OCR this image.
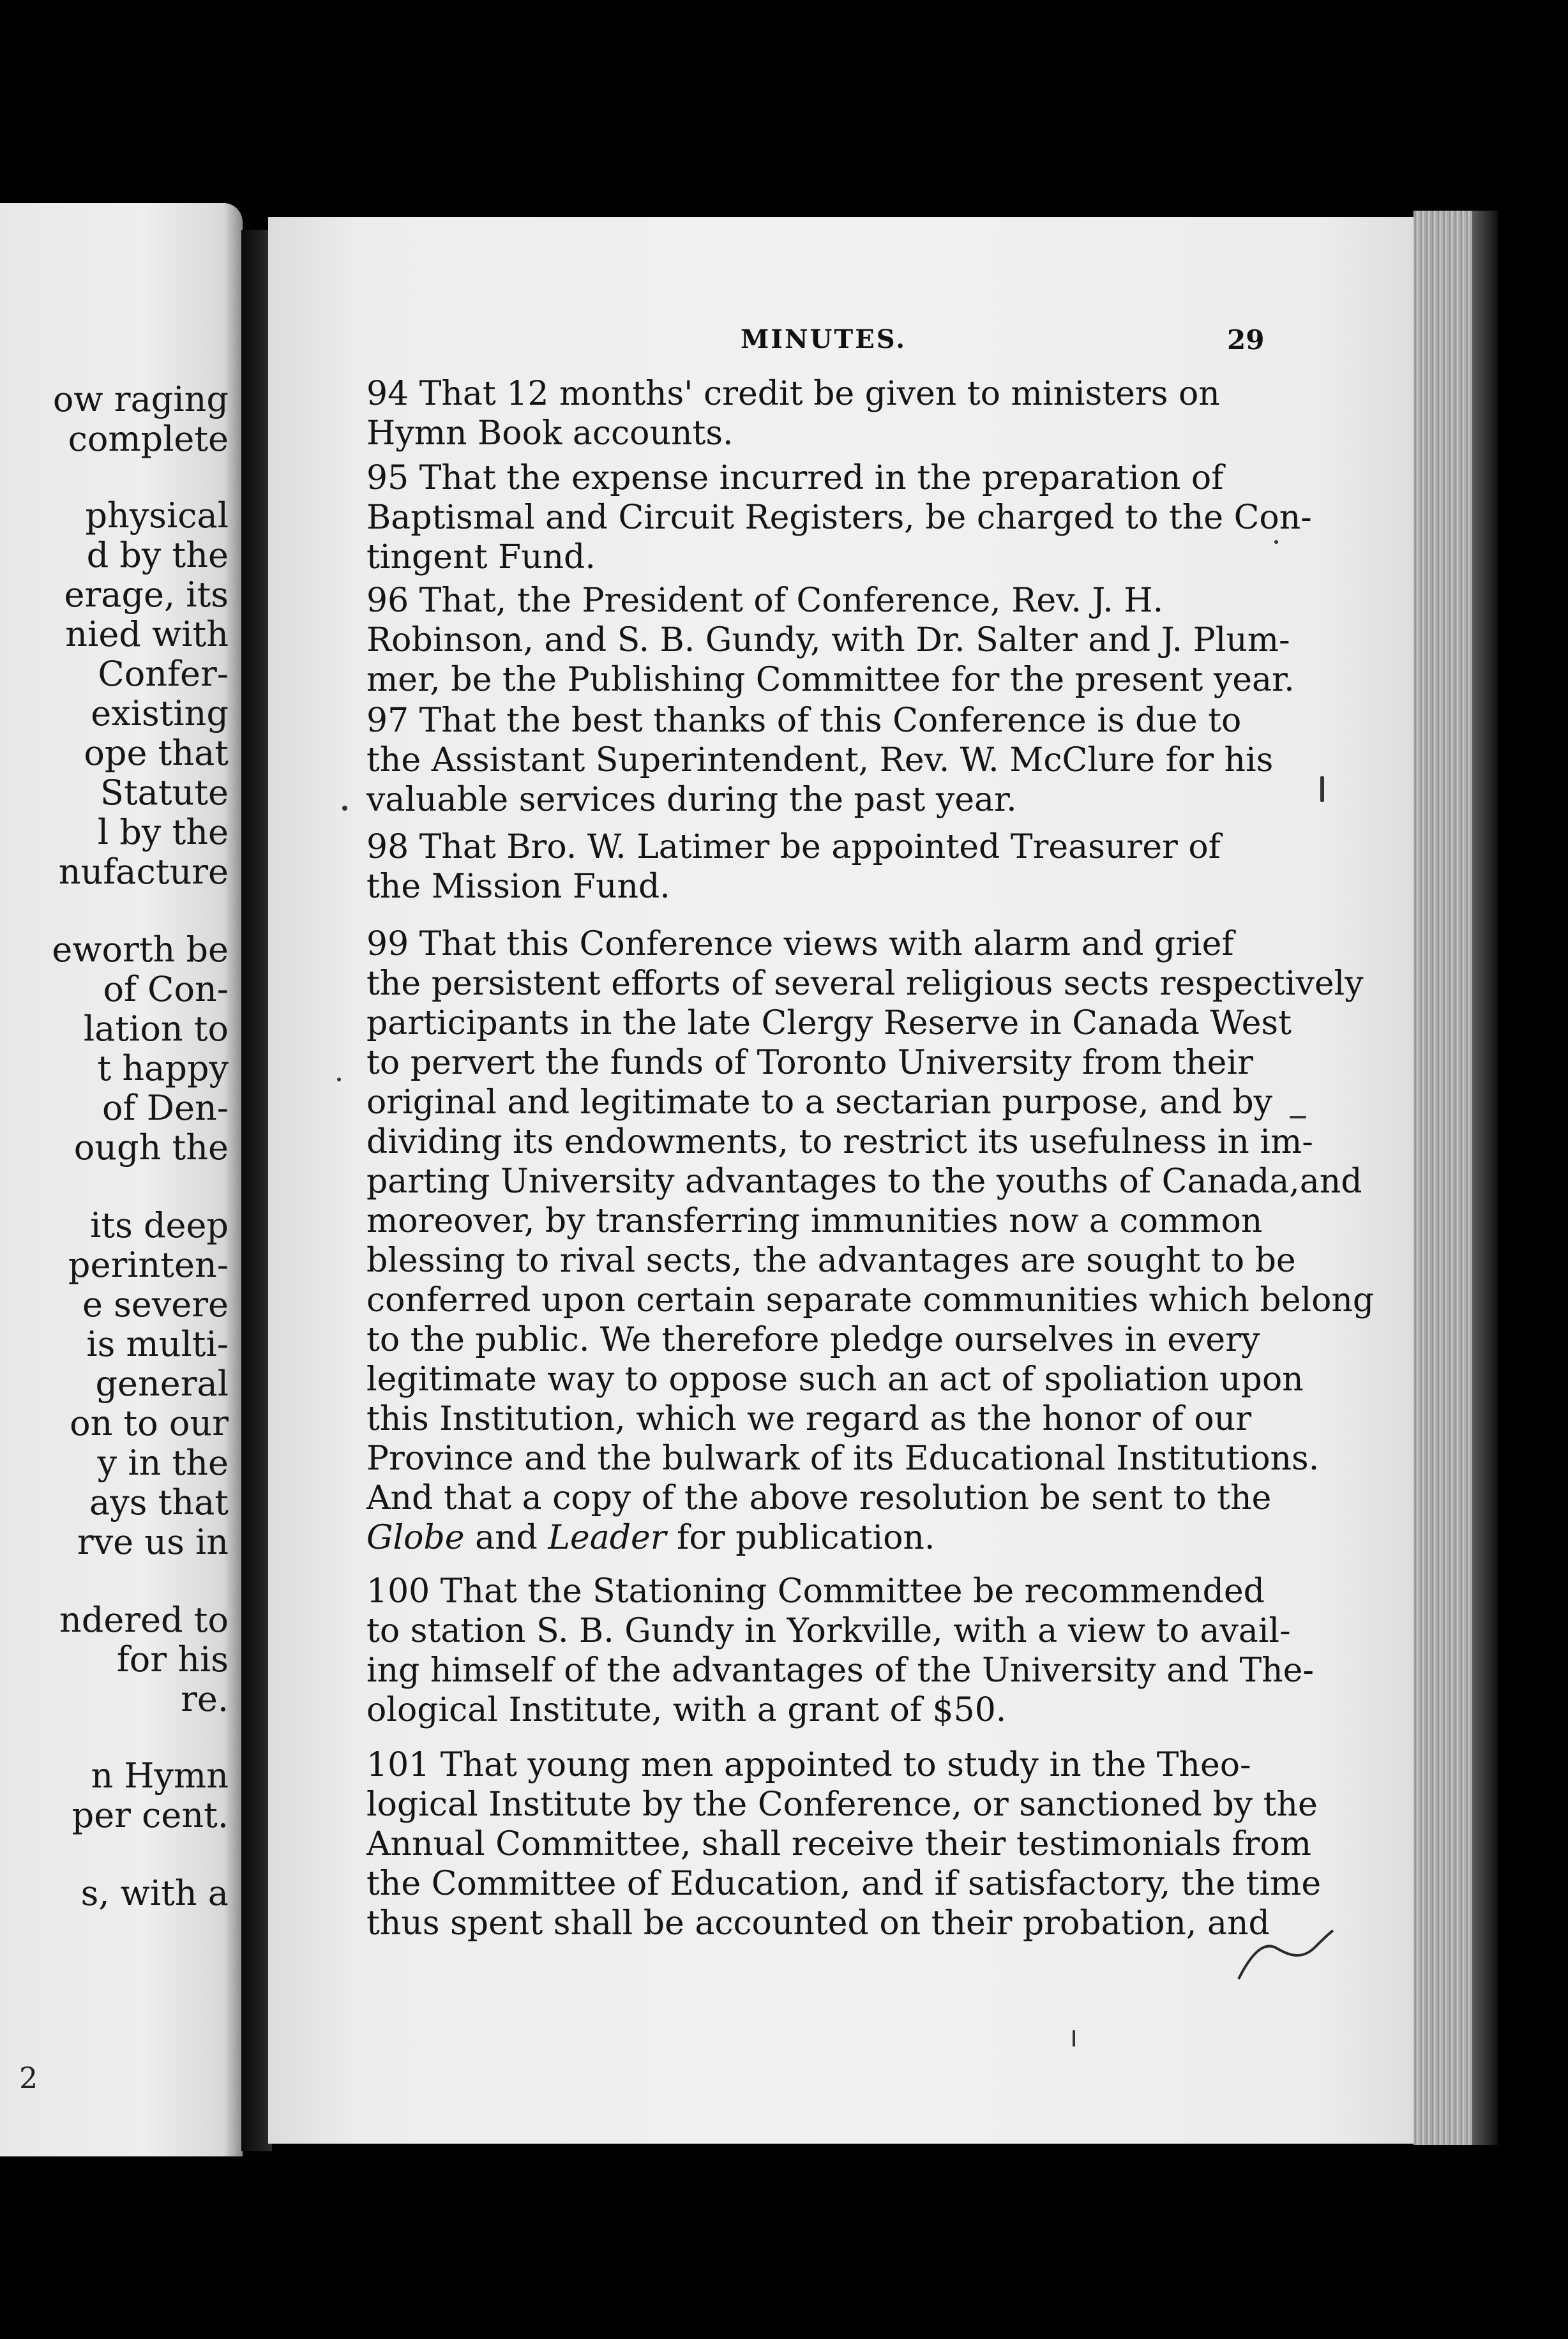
ow raging
complete
physical
d by the
erage, its
nied with
Confer-
existing
ope that
Statute
l by the
nufacture
eworth be
of Con-
lation to
t happy
of Den-
ough the
its deep
perinten-
e severe
is multi-
general
on to our
y in the
ays that
rve us in
ndered to
for his
re.
n Hymn
per cent.
s, with a
2
MINUTES.	29
94 That 12 months' credit be given to ministers on
Hymn Book accounts.
95 That the expense incurred in the preparation of
Baptismal and Circuit Registers, be charged to the Con-
tingent Fund.
96 That, the President of Conference, Rev. J. H.
Robinson, and S. B. Gundy, with Dr. Salter and J. Plum-
mer, be the Publishing Committee for the present year.
97 That the best thanks of this Conference is due to
the Assistant Superintendent, Rev. W. McClure for his
valuable services during the past year.
98 That Bro. W. Latimer be appointed Treasurer of
the Mission Fund.
99 That this Conference views with alarm and grief
the persistent efforts of several religious sects respectively
participants in the late Clergy Reserve in Canada West
to pervert the funds of Toronto University from their
original and legitimate to a sectarian purpose, and by
dividing its endowments, to restrict its usefulness in im-
parting University advantages to the youths of Canada,and
moreover, by transferring immunities now a common
blessing to rival sects, the advantages are sought to be
conferred upon certain separate communities which belong
to the public. We therefore pledge ourselves in every
legitimate way to oppose such an act of spoliation upon
this Institution, which we regard as the honor of our
Province and the bulwark of its Educational Institutions.
And that a copy of the above resolution be sent to the
Globe and Leader for publication.
100 That the Stationing Committee be recommended
to station S. B. Gundy in Yorkville, with a view to avail-
ing himself of the advantages of the University and The-
ological Institute, with a grant of $50.
101 That young men appointed to study in the Theo-
logical Institute by the Conference, or sanctioned by the
Annual Committee, shall receive their testimonials from
the Committee of Education, and if satisfactory, the time
thus spent shall be accounted on their probation, and
